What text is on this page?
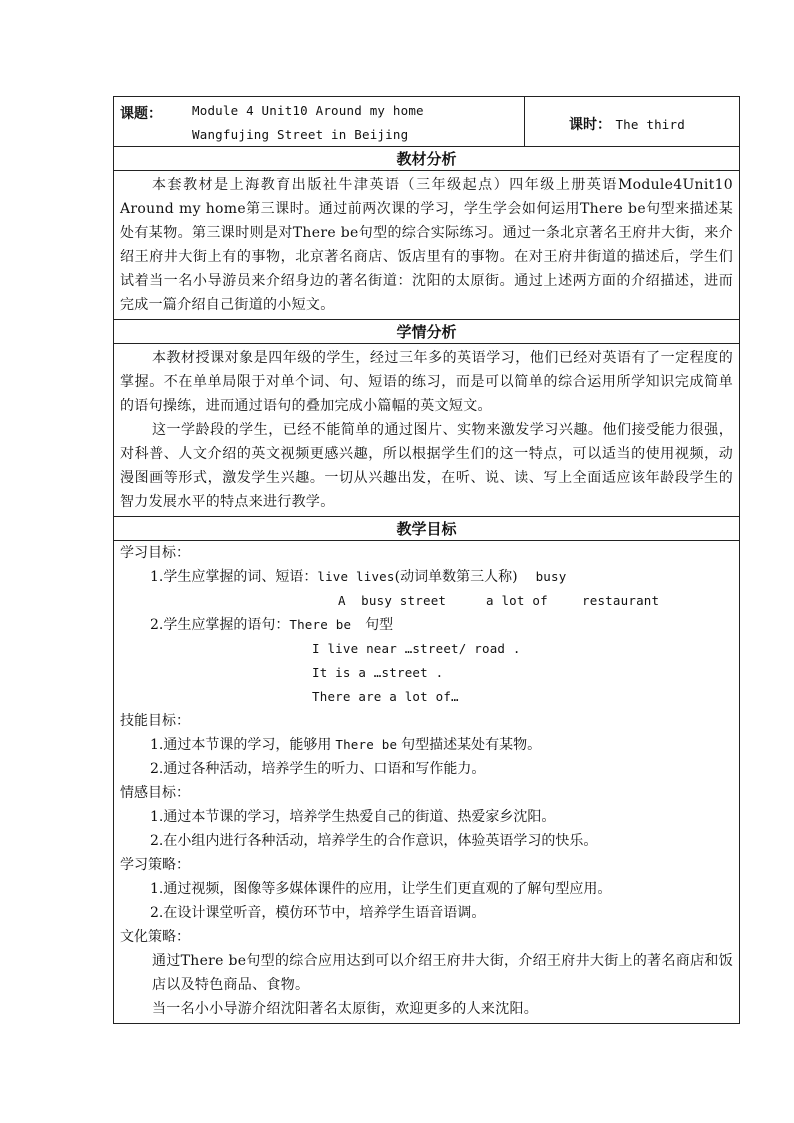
课题： Module 4 Unit10 Around my home
Wangfujing Street in Beijing
课时： The third
教材分析

本套教材是上海教育出版社牛津英语（三年级起点）四年级上册英语Module4Unit10 Around my home第三课时。通过前两次课的学习，学生学会如何运用There be句型来描述某处有某物。第三课时则是对There be句型的综合实际练习。通过一条北京著名王府井大街，来介绍王府井大街上有的事物，北京著名商店、饭店里有的事物。在对王府井街道的描述后，学生们试着当一名小导游员来介绍身边的著名街道：沈阳的太原街。通过上述两方面的介绍描述，进而完成一篇介绍自己街道的小短文。

学情分析

本教材授课对象是四年级的学生，经过三年多的英语学习，他们已经对英语有了一定程度的掌握。不在单单局限于对单个词、句、短语的练习，而是可以简单的综合运用所学知识完成简单的语句操练，进而通过语句的叠加完成小篇幅的英文短文。

这一学龄段的学生，已经不能简单的通过图片、实物来激发学习兴趣。他们接受能力很强，对科普、人文介绍的英文视频更感兴趣，所以根据学生们的这一特点，可以适当的使用视频，动漫图画等形式，激发学生兴趣。一切从兴趣出发，在听、说、读、写上全面适应该年龄段学生的智力发展水平的特点来进行教学。

教学目标
学习目标：
1.学生应掌握的词、短语：live lives(动词单数第三人称) busy
A  busy street	a lot of	restaurant
2.学生应掌握的语句：There be 句型
I live near …street/ road .
It is a …street .
There are a lot of…
技能目标：
1.通过本节课的学习，能够用 There be 句型描述某处有某物。
2.通过各种活动，培养学生的听力、口语和写作能力。
情感目标：
1.通过本节课的学习，培养学生热爱自己的街道、热爱家乡沈阳。
2.在小组内进行各种活动，培养学生的合作意识，体验英语学习的快乐。
学习策略：
1.通过视频，图像等多媒体课件的应用，让学生们更直观的了解句型应用。
2.在设计课堂听音，模仿环节中，培养学生语音语调。
文化策略：
通过There be句型的综合应用达到可以介绍王府井大街，介绍王府井大街上的著名商店和饭店以及特色商品、食物。
当一名小小导游介绍沈阳著名太原街，欢迎更多的人来沈阳。
